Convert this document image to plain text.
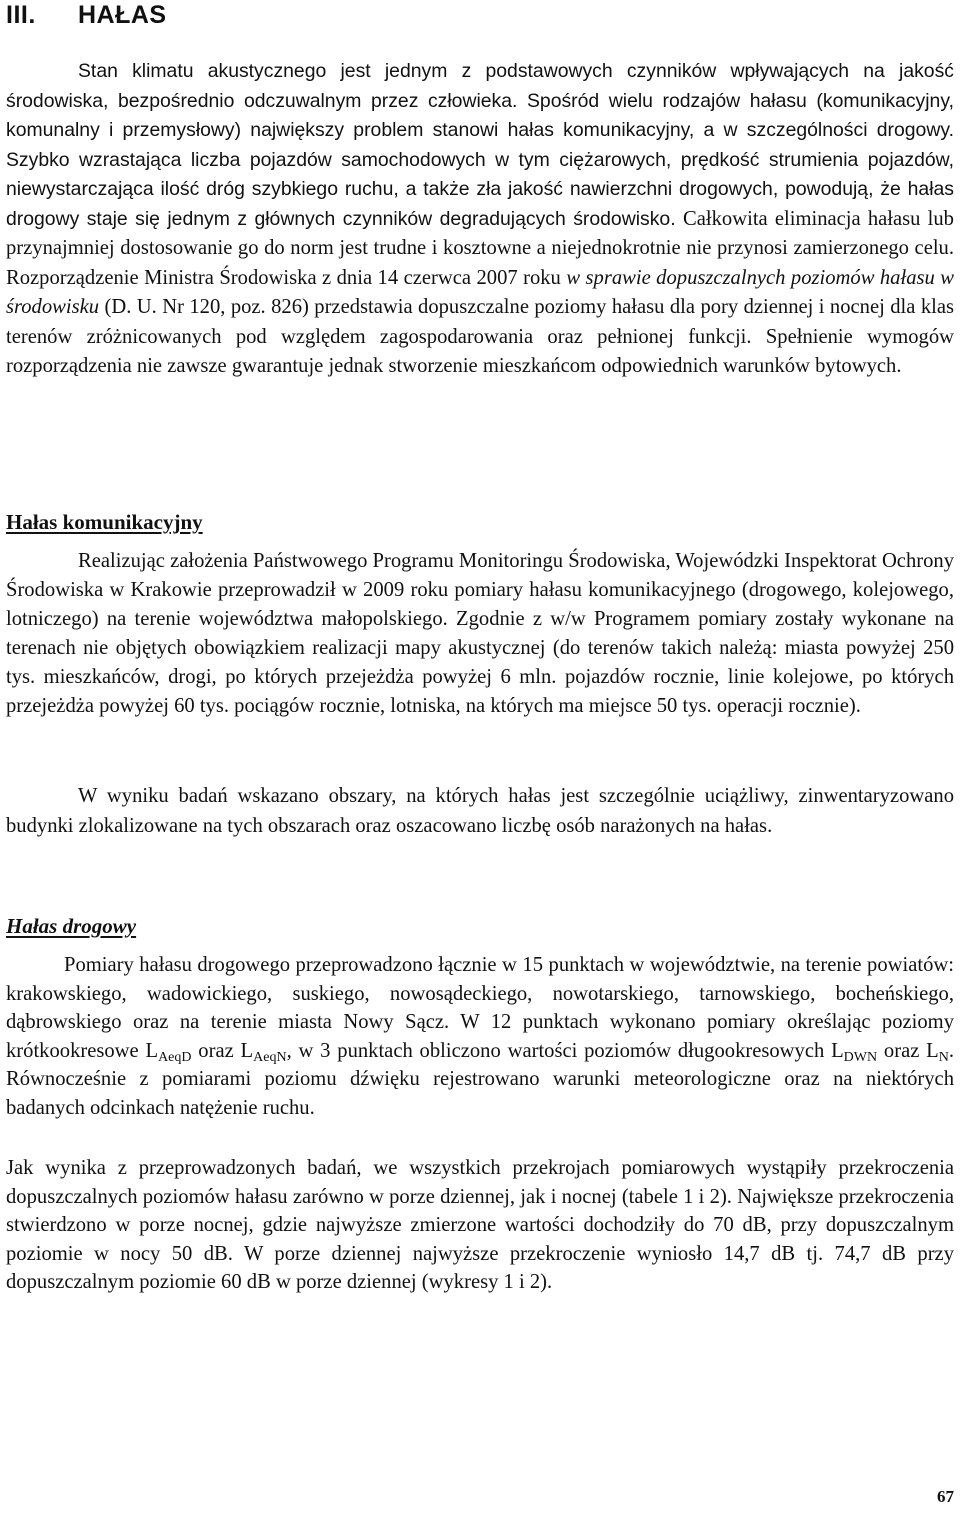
III. HAŁAS

Stan klimatu akustycznego jest jednym z podstawowych czynników wpływających na jakość środowiska, bezpośrednio odczuwalnym przez człowieka. Spośród wielu rodzajów hałasu (komunikacyjny, komunalny i przemysłowy) największy problem stanowi hałas komunikacyjny, a w szczególności drogowy. Szybko wzrastająca liczba pojazdów samochodowych w tym ciężarowych, prędkość strumienia pojazdów, niewystarczająca ilość dróg szybkiego ruchu, a także zła jakość nawierzchni drogowych, powodują, że hałas drogowy staje się jednym z głównych czynników degradujących środowisko. Całkowita eliminacja hałasu lub przynajmniej dostosowanie go do norm jest trudne i kosztowne a niejednokrotnie nie przynosi zamierzonego celu. Rozporządzenie Ministra Środowiska z dnia 14 czerwca 2007 roku w sprawie dopuszczalnych poziomów hałasu w środowisku (D. U. Nr 120, poz. 826) przedstawia dopuszczalne poziomy hałasu dla pory dziennej i nocnej dla klas terenów zróżnicowanych pod względem zagospodarowania oraz pełnionej funkcji. Spełnienie wymogów rozporządzenia nie zawsze gwarantuje jednak stworzenie mieszkańcom odpowiednich warunków bytowych.

Hałas komunikacyjny

Realizując założenia Państwowego Programu Monitoringu Środowiska, Wojewódzki Inspektorat Ochrony Środowiska w Krakowie przeprowadził w 2009 roku pomiary hałasu komunikacyjnego (drogowego, kolejowego, lotniczego) na terenie województwa małopolskiego. Zgodnie z w/w Programem pomiary zostały wykonane na terenach nie objętych obowiązkiem realizacji mapy akustycznej (do terenów takich należą: miasta powyżej 250 tys. mieszkańców, drogi, po których przejeżdża powyżej 6 mln. pojazdów rocznie, linie kolejowe, po których przejeżdża powyżej 60 tys. pociągów rocznie, lotniska, na których ma miejsce 50 tys. operacji rocznie).

W wyniku badań wskazano obszary, na których hałas jest szczególnie uciążliwy, zinwentaryzowano budynki zlokalizowane na tych obszarach oraz oszacowano liczbę osób narażonych na hałas.

Hałas drogowy

Pomiary hałasu drogowego przeprowadzono łącznie w 15 punktach w województwie, na terenie powiatów: krakowskiego, wadowickiego, suskiego, nowosądeckiego, nowotarskiego, tarnowskiego, bocheńskiego, dąbrowskiego oraz na terenie miasta Nowy Sącz. W 12 punktach wykonano pomiary określając poziomy krótkookresowe $L_{AeqD}$ oraz $L_{AeqN}$, w 3 punktach obliczono wartości poziomów długookresowych $L_{DWN}$ oraz $L_N$. Równocześnie z pomiarami poziomu dźwięku rejestrowano warunki meteorologiczne oraz na niektórych badanych odcinkach natężenie ruchu.

Jak wynika z przeprowadzonych badań, we wszystkich przekrojach pomiarowych wystąpiły przekroczenia dopuszczalnych poziomów hałasu zarówno w porze dziennej, jak i nocnej (tabele 1 i 2). Największe przekroczenia stwierdzono w porze nocnej, gdzie najwyższe zmierzone wartości dochodziły do 70 dB, przy dopuszczalnym poziomie w nocy 50 dB. W porze dziennej najwyższe przekroczenie wyniosło 14,7 dB tj. 74,7 dB przy dopuszczalnym poziomie 60 dB w porze dziennej (wykresy 1 i 2).

67
